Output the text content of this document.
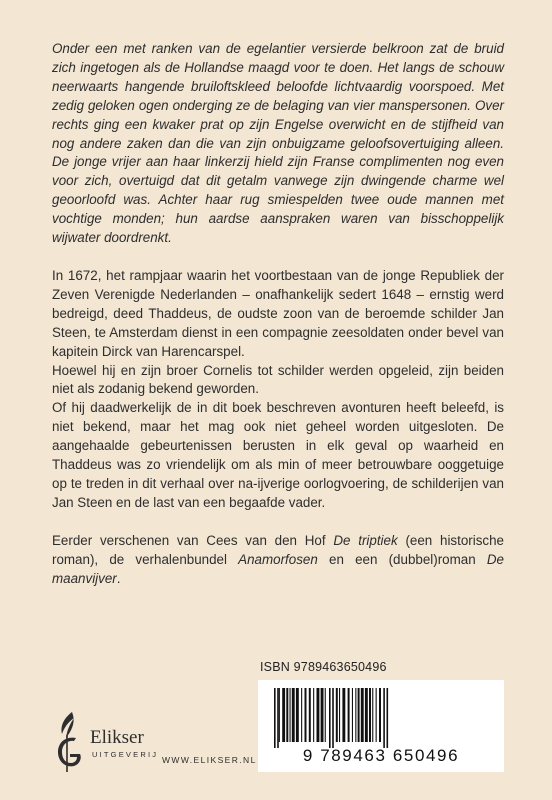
Onder een met ranken van de egelantier versierde belkroon zat de bruid zich ingetogen als de Hollandse maagd voor te doen. Het langs de schouw neerwaarts hangende bruiloftskleed beloofde lichtvaardig voorspoed. Met zedig geloken ogen onderging ze de belaging van vier manspersonen. Over rechts ging een kwaker prat op zijn Engelse overwicht en de stijfheid van nog andere zaken dan die van zijn onbuigzame geloofsovertuiging alleen. De jonge vrijer aan haar linkerzij hield zijn Franse complimenten nog even voor zich, overtuigd dat dit getalm vanwege zijn dwingende charme wel geoorloofd was. Achter haar rug smiespelden twee oude mannen met vochtige monden; hun aardse aanspraken waren van bisschoppelijk wijwater doordrenkt.

In 1672, het rampjaar waarin het voortbestaan van de jonge Republiek der Zeven Verenigde Nederlanden – onafhankelijk sedert 1648 – ernstig werd bedreigd, deed Thaddeus, de oudste zoon van de beroemde schilder Jan Steen, te Amsterdam dienst in een compagnie zeesoldaten onder bevel van kapitein Dirck van Harencarspel.

Hoewel hij en zijn broer Cornelis tot schilder werden opgeleid, zijn beiden niet als zodanig bekend geworden.

Of hij daadwerkelijk de in dit boek beschreven avonturen heeft beleefd, is niet bekend, maar het mag ook niet geheel worden uitgesloten. De aangehaalde gebeurtenissen berusten in elk geval op waarheid en Thaddeus was zo vriendelijk om als min of meer betrouwbare ooggetuige op te treden in dit verhaal over na-ijverige oorlogvoering, de schilderijen van Jan Steen en de last van een begaafde vader.

Eerder verschenen van Cees van den Hof De triptiek (een historische roman), de verhalenbundel Anamorfosen en een (dubbel)roman De maanvijver.

ISBN 9789463650496
9 789463 650496
Elikser
UITGEVERIJ
WWW.ELIKSER.NL
